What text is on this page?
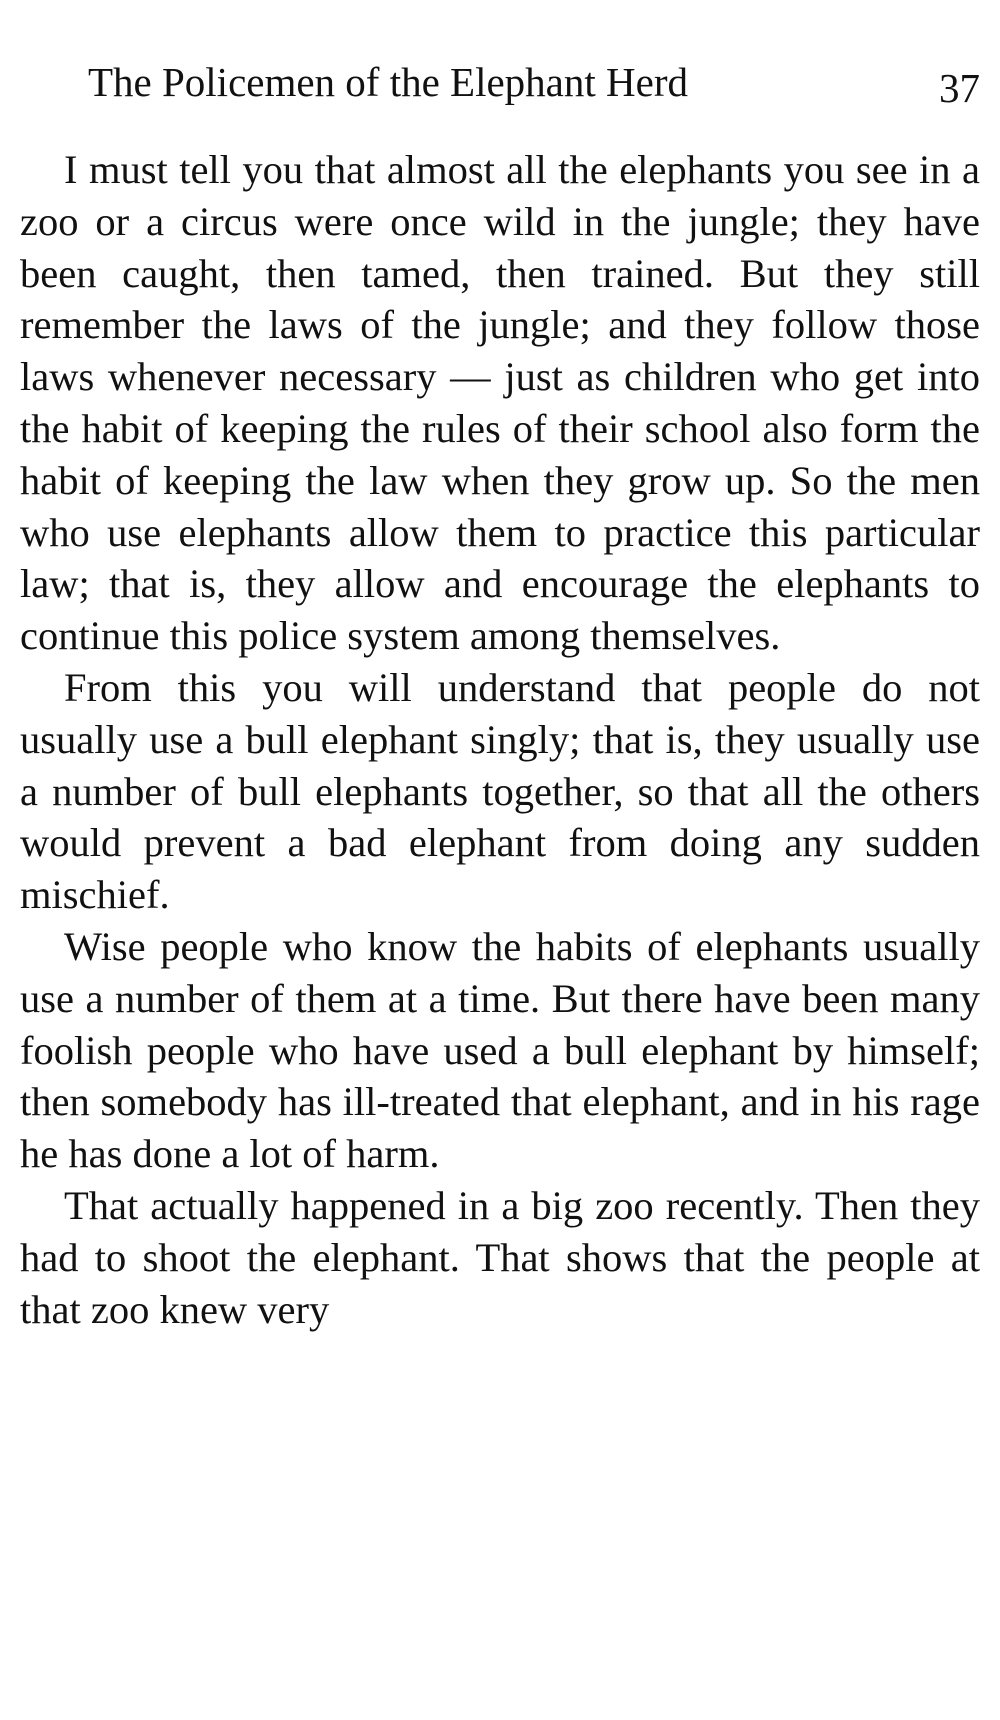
The Policemen of the Elephant Herd	37

I must tell you that almost all the elephants you see in a zoo or a circus were once wild in the jungle; they have been caught, then tamed, then trained. But they still remember the laws of the jungle; and they follow those laws whenever necessary — just as children who get into the habit of keeping the rules of their school also form the habit of keeping the law when they grow up. So the men who use elephants allow them to practice this particular law; that is, they allow and encourage the elephants to continue this police system among themselves.

From this you will understand that people do not usually use a bull elephant singly; that is, they usually use a number of bull elephants together, so that all the others would prevent a bad elephant from doing any sudden mischief.

Wise people who know the habits of elephants usually use a number of them at a time. But there have been many foolish people who have used a bull elephant by himself; then somebody has ill-treated that elephant, and in his rage he has done a lot of harm.

That actually happened in a big zoo recently. Then they had to shoot the elephant. That shows that the people at that zoo knew very
